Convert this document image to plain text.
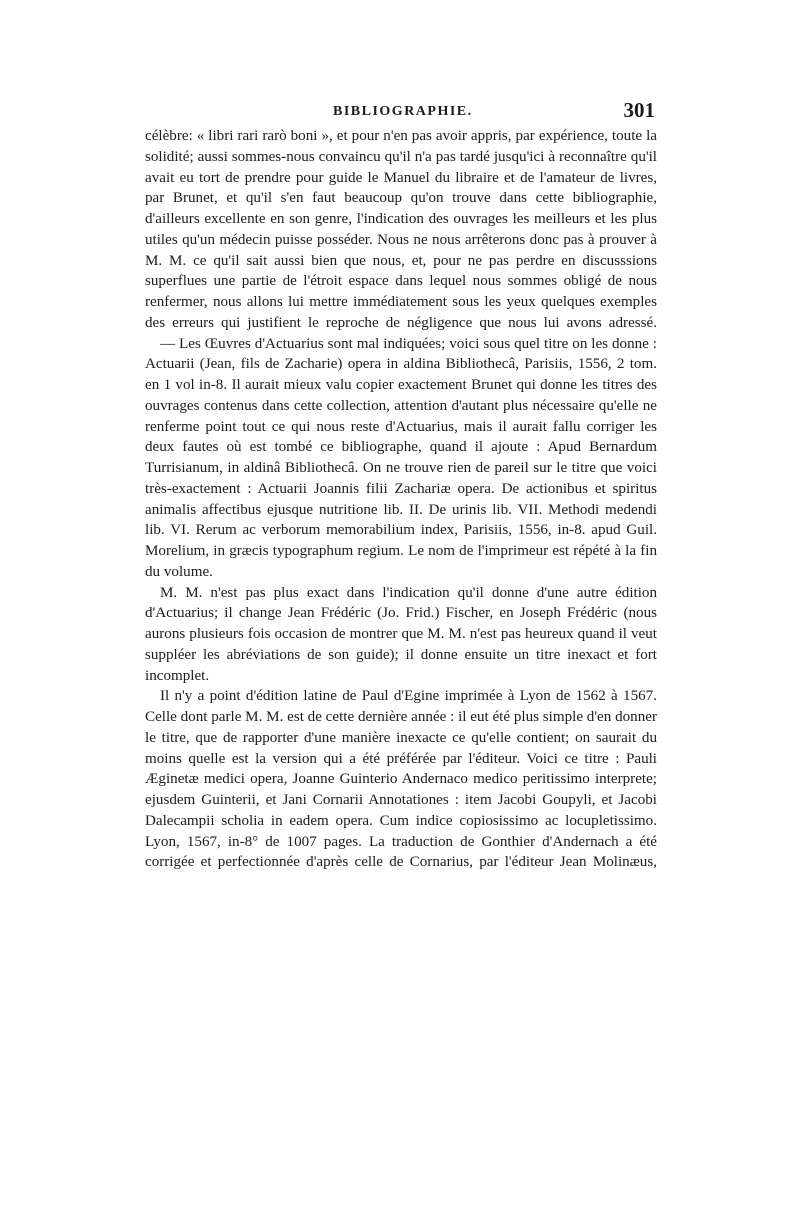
BIBLIOGRAPHIE.	301

célèbre: « libri rari rarò boni », et pour n'en pas avoir appris, par expérience, toute la solidité; aussi sommes-nous convaincu qu'il n'a pas tardé jusqu'ici à reconnaître qu'il avait eu tort de prendre pour guide le Manuel du libraire et de l'amateur de livres, par Brunet, et qu'il s'en faut beaucoup qu'on trouve dans cette bibliographie, d'ailleurs excellente en son genre, l'indication des ouvrages les meilleurs et les plus utiles qu'un médecin puisse posséder. Nous ne nous arrêterons donc pas à prouver à M. M. ce qu'il sait aussi bien que nous, et, pour ne pas perdre en discusssions superflues une partie de l'étroit espace dans lequel nous sommes obligé de nous renfermer, nous allons lui mettre immédiatement sous les yeux quelques exemples des erreurs qui justifient le reproche de négligence que nous lui avons adressé.

— Les Œuvres d'Actuarius sont mal indiquées; voici sous quel titre on les donne : Actuarii (Jean, fils de Zacharie) opera in aldina Bibliothecâ, Parisiis, 1556, 2 tom. en 1 vol in-8. Il aurait mieux valu copier exactement Brunet qui donne les titres des ouvrages contenus dans cette collection, attention d'autant plus nécessaire qu'elle ne renferme point tout ce qui nous reste d'Actuarius, mais il aurait fallu corriger les deux fautes où est tombé ce bibliographe, quand il ajoute : Apud Bernardum Turrisianum, in aldinâ Bibliothecâ. On ne trouve rien de pareil sur le titre que voici très-exactement : Actuarii Joannis filii Zachariæ opera. De actionibus et spiritus animalis affectibus ejusque nutritione lib. II. De urinis lib. VII. Methodi medendi lib. VI. Rerum ac verborum memorabilium index, Parisiis, 1556, in-8. apud Guil. Morelium, in græcis typographum regium. Le nom de l'imprimeur est répété à la fin du volume.

M. M. n'est pas plus exact dans l'indication qu'il donne d'une autre édition d'Actuarius; il change Jean Frédéric (Jo. Frid.) Fischer, en Joseph Frédéric (nous aurons plusieurs fois occasion de montrer que M. M. n'est pas heureux quand il veut suppléer les abréviations de son guide); il donne ensuite un titre inexact et fort incomplet.

Il n'y a point d'édition latine de Paul d'Egine imprimée à Lyon de 1562 à 1567. Celle dont parle M. M. est de cette dernière année : il eut été plus simple d'en donner le titre, que de rapporter d'une manière inexacte ce qu'elle contient; on saurait du moins quelle est la version qui a été préférée par l'éditeur. Voici ce titre : Pauli Æginetæ medici opera, Joanne Guinterio Andernaco medico peritissimo interprete; ejusdem Guinterii, et Jani Cornarii Annotationes : item Jacobi Goupyli, et Jacobi Dalecampii scholia in eadem opera. Cum indice copiosissimo ac locupletissimo. Lyon, 1567, in-8° de 1007 pages. La traduction de Gonthier d'Andernach a été corrigée et perfectionnée d'après celle de Cornarius, par l'éditeur Jean Molinæus,
